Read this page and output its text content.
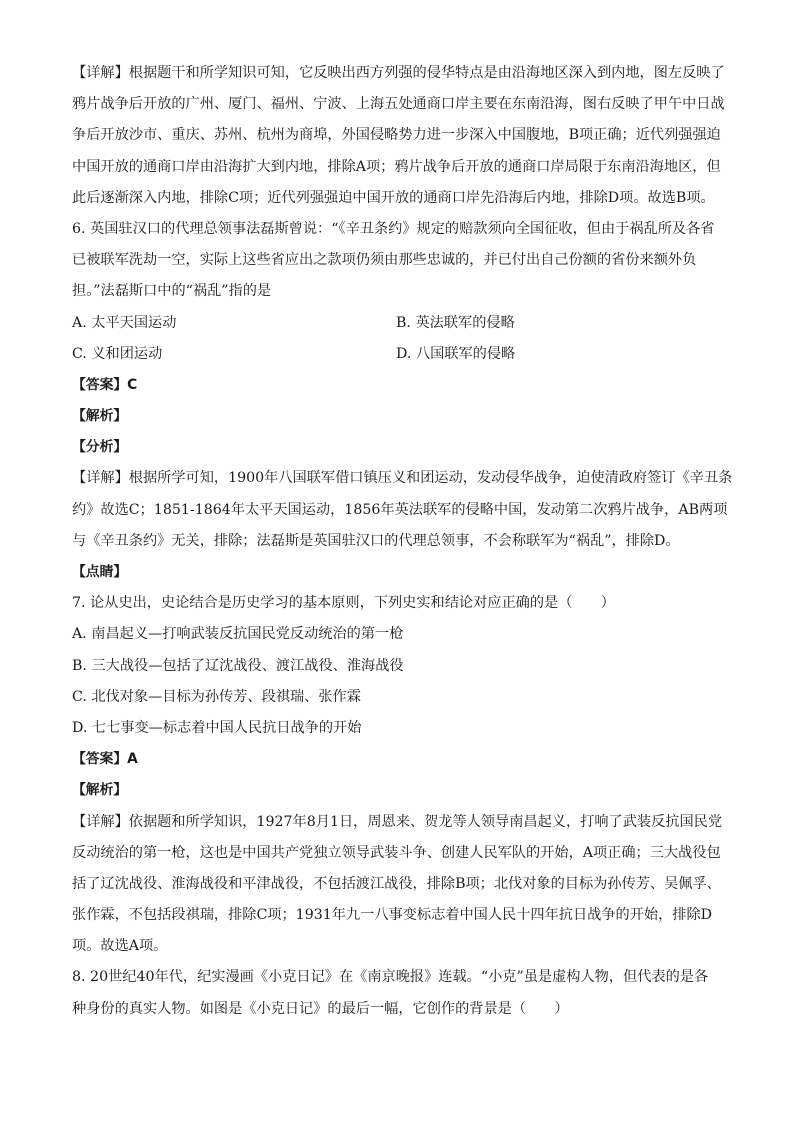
【详解】根据题干和所学知识可知，它反映出西方列强的侵华特点是由沿海地区深入到内地，图左反映了
鸦片战争后开放的广州、厦门、福州、宁波、上海五处通商口岸主要在东南沿海，图右反映了甲午中日战
争后开放沙市、重庆、苏州、杭州为商埠，外国侵略势力进一步深入中国腹地，B项正确；近代列强强迫
中国开放的通商口岸由沿海扩大到内地，排除A项；鸦片战争后开放的通商口岸局限于东南沿海地区，但
此后逐渐深入内地，排除C项；近代列强强迫中国开放的通商口岸先沿海后内地，排除D项。故选B项。
6. 英国驻汉口的代理总领事法磊斯曾说：“《辛丑条约》规定的赔款须向全国征收，但由于祸乱所及各省
已被联军洗劫一空，实际上这些省应出之款项仍须由那些忠诚的，并已付出自己份额的省份来额外负
担。”法磊斯口中的“祸乱”指的是
A. 太平天国运动	B. 英法联军的侵略
C. 义和团运动	D. 八国联军的侵略
【答案】C
【解析】
【分析】
【详解】根据所学可知，1900年八国联军借口镇压义和团运动，发动侵华战争，迫使清政府签订《辛丑条
约》故选C；1851-1864年太平天国运动，1856年英法联军的侵略中国，发动第二次鸦片战争，AB两项
与《辛丑条约》无关，排除；法磊斯是英国驻汉口的代理总领事，不会称联军为“祸乱”，排除D。
【点睛】
7. 论从史出，史论结合是历史学习的基本原则，下列史实和结论对应正确的是（　　）
A. 南昌起义—打响武装反抗国民党反动统治的第一枪
B. 三大战役—包括了辽沈战役、渡江战役、淮海战役
C. 北伐对象—目标为孙传芳、段祺瑞、张作霖
D. 七七事变—标志着中国人民抗日战争的开始
【答案】A
【解析】
【详解】依据题和所学知识，1927年8月1日，周恩来、贺龙等人领导南昌起义，打响了武装反抗国民党
反动统治的第一枪，这也是中国共产党独立领导武装斗争、创建人民军队的开始，A项正确；三大战役包
括了辽沈战役、淮海战役和平津战役，不包括渡江战役，排除B项；北伐对象的目标为孙传芳、吴佩孚、
张作霖，不包括段祺瑞，排除C项；1931年九一八事变标志着中国人民十四年抗日战争的开始，排除D
项。故选A项。
8. 20世纪40年代，纪实漫画《小克日记》在《南京晚报》连载。“小克”虽是虚构人物，但代表的是各
种身份的真实人物。如图是《小克日记》的最后一幅，它创作的背景是（　　）
